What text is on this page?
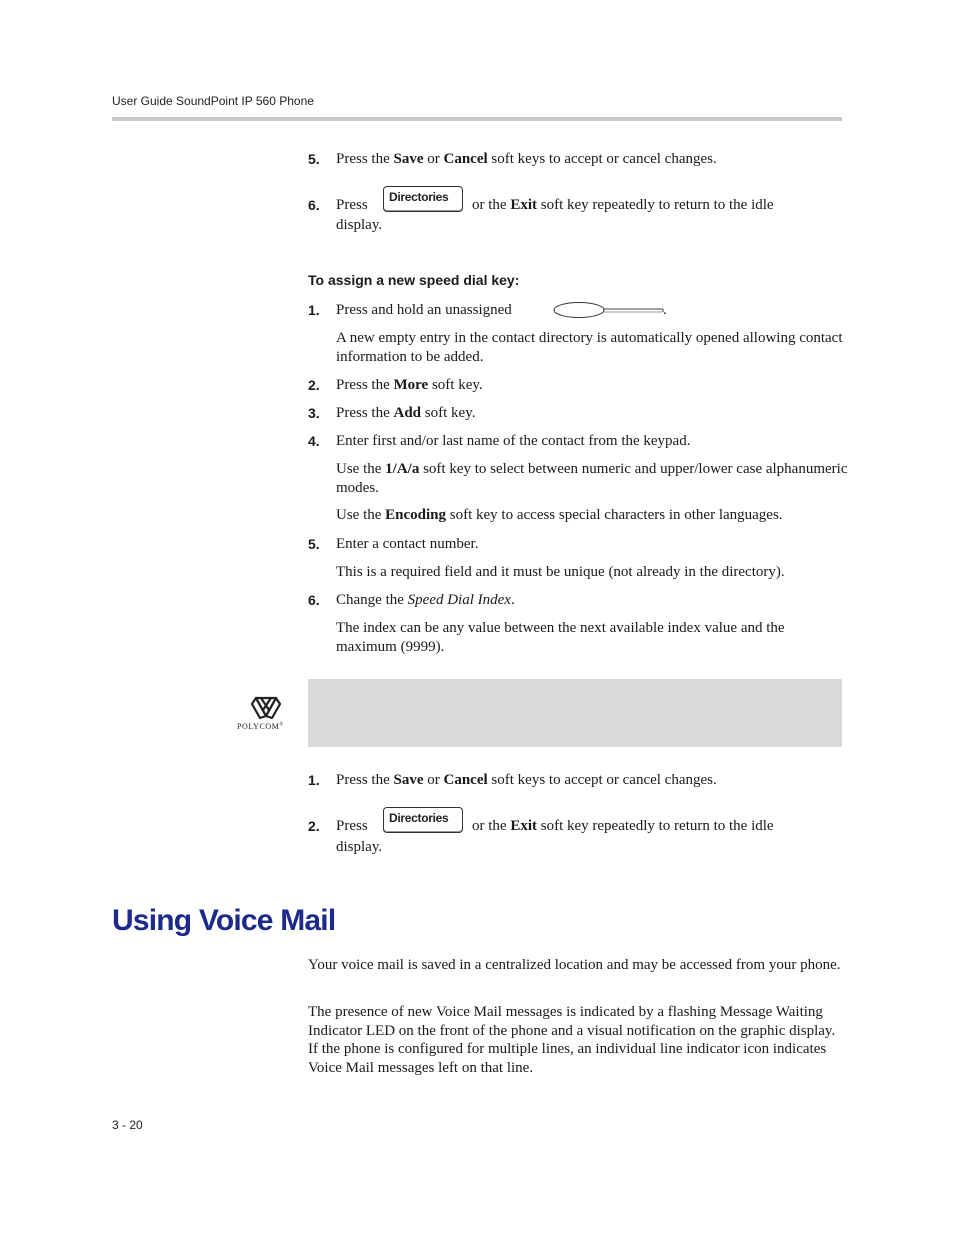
User Guide SoundPoint IP 560 Phone
5.	Press the Save or Cancel soft keys to accept or cancel changes.
6.	Press	or the Exit soft key repeatedly to return to the idle
display.
Directories
To assign a new speed dial key:
1.	Press and hold an unassigned	.
A new empty entry in the contact directory is automatically opened allowing contact information to be added.
2.	Press the More soft key.
3.	Press the Add soft key.
4.	Enter first and/or last name of the contact from the keypad.
Use the 1/A/a soft key to select between numeric and upper/lower case alphanumeric modes.
Use the Encoding soft key to access special characters in other languages.
5.	Enter a contact number.
This is a required field and it must be unique (not already in the directory).
6.	Change the Speed Dial Index.
The index can be any value between the next available index value and the maximum (9999).
POLYCOM®
1.	Press the Save or Cancel soft keys to accept or cancel changes.
2.	Press	or the Exit soft key repeatedly to return to the idle
display.
Directories
Using Voice Mail
Your voice mail is saved in a centralized location and may be accessed from your phone.
The presence of new Voice Mail messages is indicated by a flashing Message Waiting Indicator LED on the front of the phone and a visual notification on the graphic display. If the phone is configured for multiple lines, an individual line indicator icon indicates Voice Mail messages left on that line.
3 - 20
